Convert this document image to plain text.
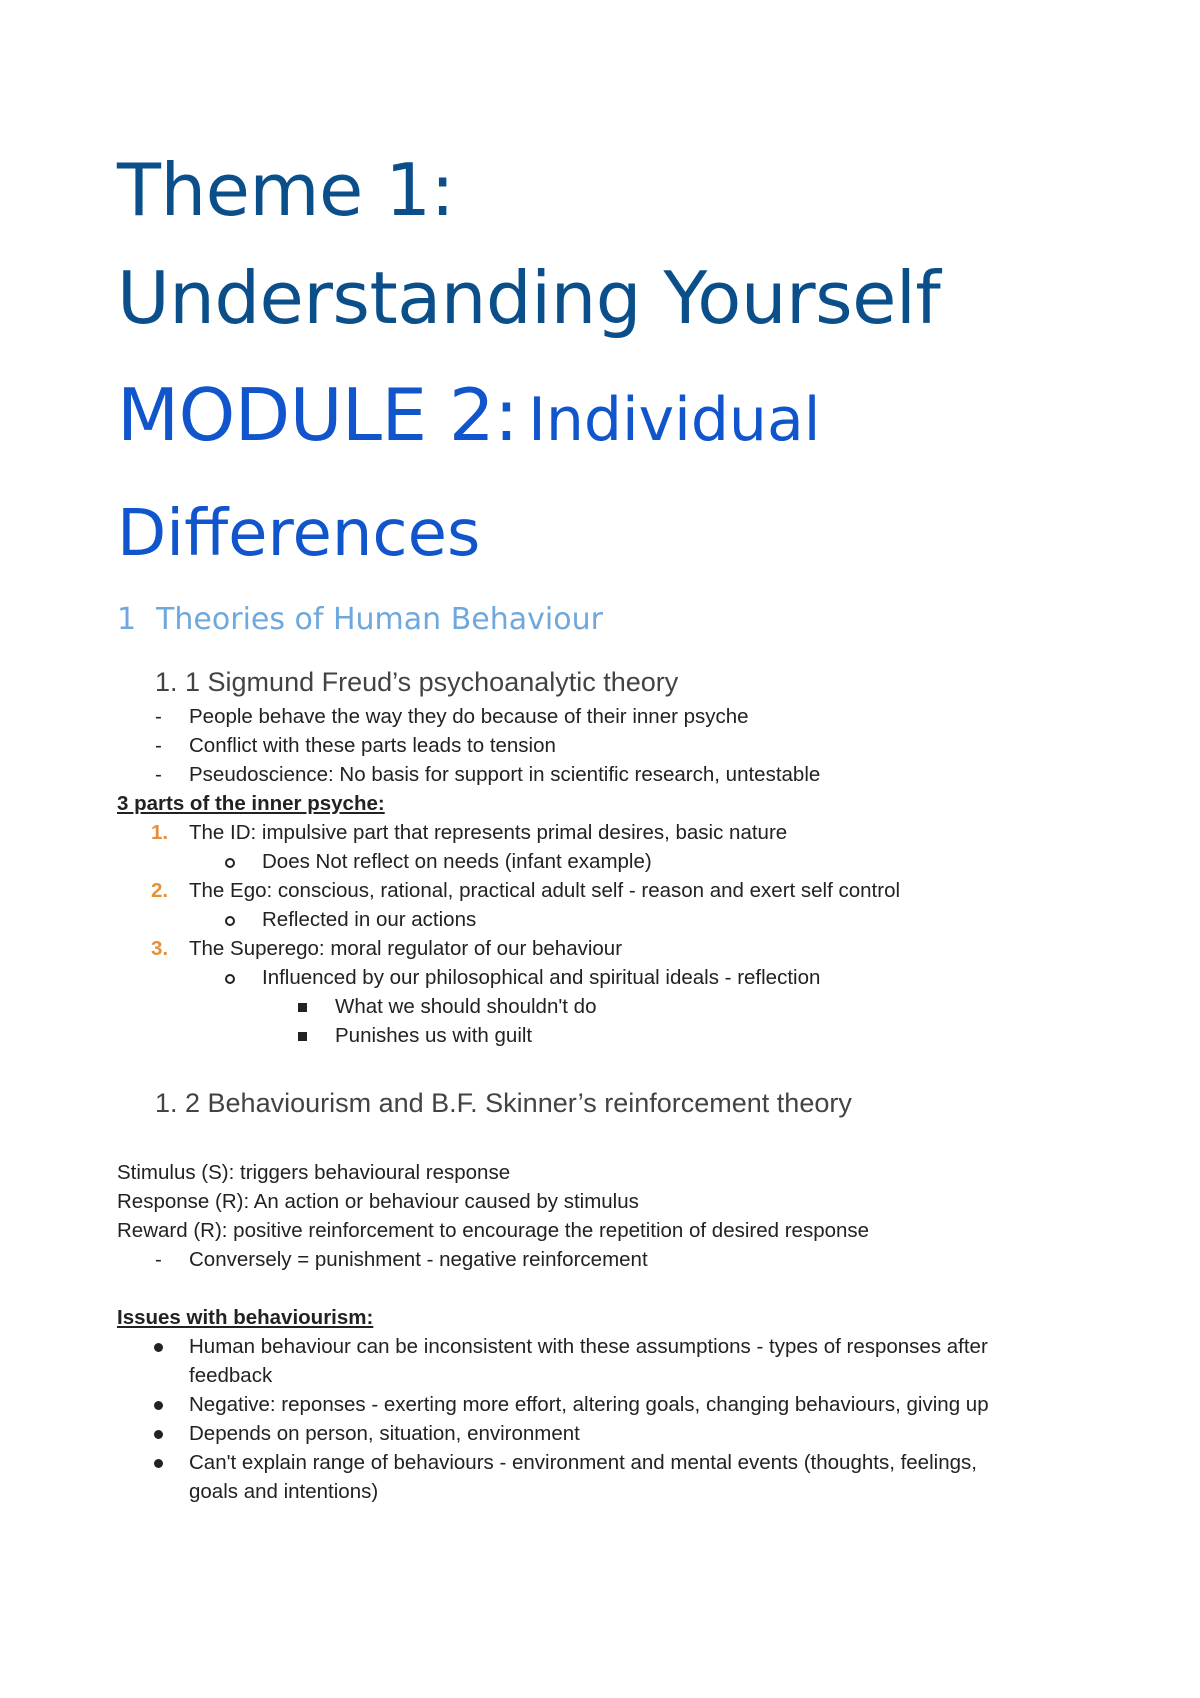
Theme 1:
Understanding Yourself
MODULE 2: Individual
Differences
1 Theories of Human Behaviour
1. 1 Sigmund Freud’s psychoanalytic theory
- People behave the way they do because of their inner psyche
- Conflict with these parts leads to tension
- Pseudoscience: No basis for support in scientific research, untestable
3 parts of the inner psyche:
1. The ID: impulsive part that represents primal desires, basic nature
Does Not reflect on needs (infant example)
2. The Ego: conscious, rational, practical adult self - reason and exert self control
Reflected in our actions
3. The Superego: moral regulator of our behaviour
Influenced by our philosophical and spiritual ideals - reflection
What we should shouldn't do
Punishes us with guilt
1. 2 Behaviourism and B.F. Skinner’s reinforcement theory
Stimulus (S): triggers behavioural response
Response (R): An action or behaviour caused by stimulus
Reward (R): positive reinforcement to encourage the repetition of desired response
- Conversely = punishment - negative reinforcement
Issues with behaviourism:
Human behaviour can be inconsistent with these assumptions - types of responses after
feedback
Negative: reponses - exerting more effort, altering goals, changing behaviours, giving up
Depends on person, situation, environment
Can't explain range of behaviours - environment and mental events (thoughts, feelings,
goals and intentions)
